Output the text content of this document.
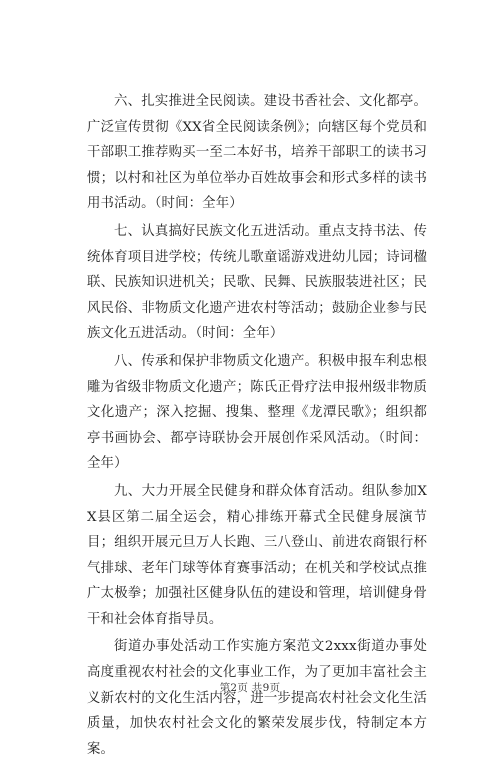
六、扎实推进全民阅读。建设书香社会、文化都亭。广泛宣传贯彻《XX省全民阅读条例》；向辖区每个党员和干部职工推荐购买一至二本好书，培养干部职工的读书习惯；以村和社区为单位举办百姓故事会和形式多样的读书用书活动。（时间：全年）

七、认真搞好民族文化五进活动。重点支持书法、传统体育项目进学校；传统儿歌童谣游戏进幼儿园；诗词楹联、民族知识进机关；民歌、民舞、民族服装进社区；民风民俗、非物质文化遗产进农村等活动；鼓励企业参与民族文化五进活动。（时间：全年）

八、传承和保护非物质文化遗产。积极申报车利忠根雕为省级非物质文化遗产；陈氏正骨疗法申报州级非物质文化遗产；深入挖掘、搜集、整理《龙潭民歌》；组织都亭书画协会、都亭诗联协会开展创作采风活动。（时间：全年）

九、大力开展全民健身和群众体育活动。组队参加XX县区第二届全运会，精心排练开幕式全民健身展演节目；组织开展元旦万人长跑、三八登山、前进农商银行杯气排球、老年门球等体育赛事活动；在机关和学校试点推广太极拳；加强社区健身队伍的建设和管理，培训健身骨干和社会体育指导员。

街道办事处活动工作实施方案范文2xxx街道办事处高度重视农村社会的文化事业工作，为了更加丰富社会主义新农村的文化生活内容，进一步提高农村社会文化生活质量，加快农村社会文化的繁荣发展步伐，特制定本方案。

第2页 共9页
